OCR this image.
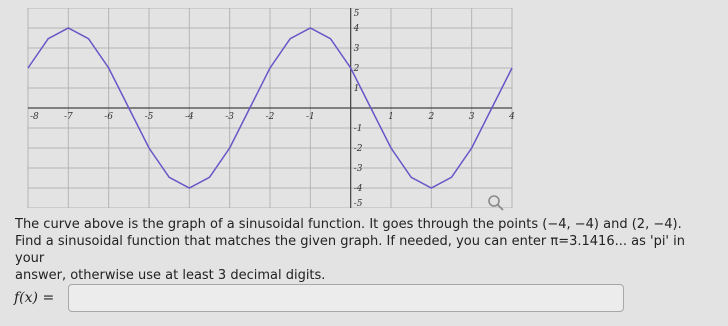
-8	-7	-6	-5	-4	-3	-2	-1	1	2	3	4
5
4
3
2
1
-1
-2
-3
-4
-5
The curve above is the graph of a sinusoidal function. It goes through the points (−4, −4) and (2, −4).
Find a sinusoidal function that matches the given graph. If needed, you can enter π=3.1416... as 'pi' in your
answer, otherwise use at least 3 decimal digits.
f(x) =
